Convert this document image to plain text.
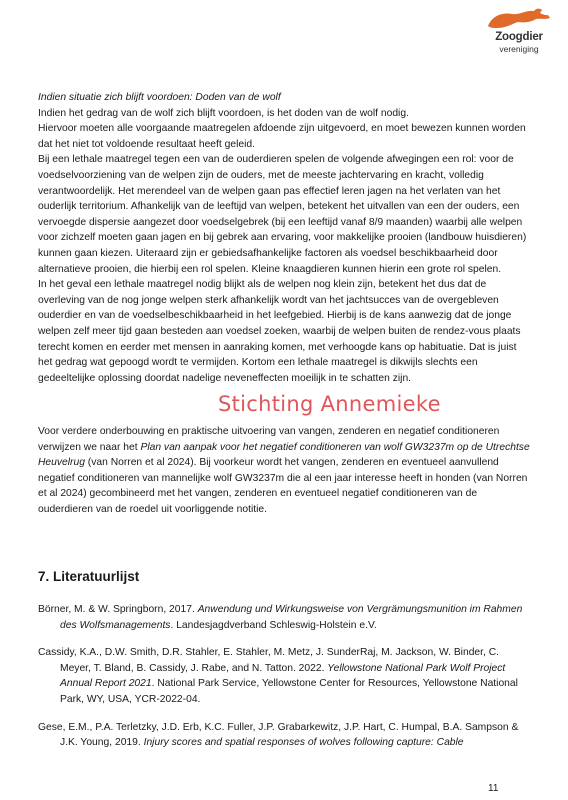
Zoogdier
vereniging

Indien situatie zich blijft voordoen: Doden van de wolf

Indien het gedrag van de wolf zich blijft voordoen, is het doden van de wolf nodig.

Hiervoor moeten alle voorgaande maatregelen afdoende zijn uitgevoerd, en moet bewezen kunnen worden dat het niet tot voldoende resultaat heeft geleid.

Bij een lethale maatregel tegen een van de ouderdieren spelen de volgende afwegingen een rol: voor de voedselvoorziening van de welpen zijn de ouders, met de meeste jachtervaring en kracht, volledig verantwoordelijk. Het merendeel van de welpen gaan pas effectief leren jagen na het verlaten van het ouderlijk territorium. Afhankelijk van de leeftijd van welpen, betekent het uitvallen van een der ouders, een vervoegde dispersie aangezet door voedselgebrek (bij een leeftijd vanaf 8/9 maanden) waarbij alle welpen voor zichzelf moeten gaan jagen en bij gebrek aan ervaring, voor makkelijke prooien (landbouw huisdieren) kunnen gaan kiezen. Uiteraard zijn er gebiedsafhankelijke factoren als voedsel beschikbaarheid door alternatieve prooien, die hierbij een rol spelen. Kleine knaagdieren kunnen hierin een grote rol spelen.

In het geval een lethale maatregel nodig blijkt als de welpen nog klein zijn, betekent het dus dat de overleving van de nog jonge welpen sterk afhankelijk wordt van het jachtsucces van de overgebleven ouderdier en van de voedselbeschikbaarheid in het leefgebied. Hierbij is de kans aanwezig dat de jonge welpen zelf meer tijd gaan besteden aan voedsel zoeken, waarbij de welpen buiten de rendez-vous plaats terecht komen en eerder met mensen in aanraking komen, met verhoogde kans op habituatie. Dat is juist het gedrag wat gepoogd wordt te vermijden. Kortom een lethale maatregel is dikwijls slechts een gedeeltelijke oplossing doordat nadelige neveneffecten moeilijk in te schatten zijn.

Stichting Annemieke

Voor verdere onderbouwing en praktische uitvoering van vangen, zenderen en negatief conditioneren verwijzen we naar het Plan van aanpak voor het negatief conditioneren van wolf GW3237m op de Utrechtse Heuvelrug (van Norren et al 2024). Bij voorkeur wordt het vangen, zenderen en eventueel aanvullend negatief conditioneren van mannelijke wolf GW3237m die al een jaar interesse heeft in honden (van Norren et al 2024) gecombineerd met het vangen, zenderen en eventueel negatief conditioneren van de ouderdieren van de roedel uit voorliggende notitie.

7. Literatuurlijst

Börner, M. & W. Springborn, 2017. Anwendung und Wirkungsweise von Vergrämungsmunition im Rahmen des Wolfsmanagements. Landesjagdverband Schleswig-Holstein e.V.

Cassidy, K.A., D.W. Smith, D.R. Stahler, E. Stahler, M. Metz, J. SunderRaj, M. Jackson, W. Binder, C. Meyer, T. Bland, B. Cassidy, J. Rabe, and N. Tatton. 2022. Yellowstone National Park Wolf Project Annual Report 2021. National Park Service, Yellowstone Center for Resources, Yellowstone National Park, WY, USA, YCR-2022-04.

Gese, E.M., P.A. Terletzky, J.D. Erb, K.C. Fuller, J.P. Grabarkewitz, J.P. Hart, C. Humpal, B.A. Sampson & J.K. Young, 2019. Injury scores and spatial responses of wolves following capture: Cable

11
